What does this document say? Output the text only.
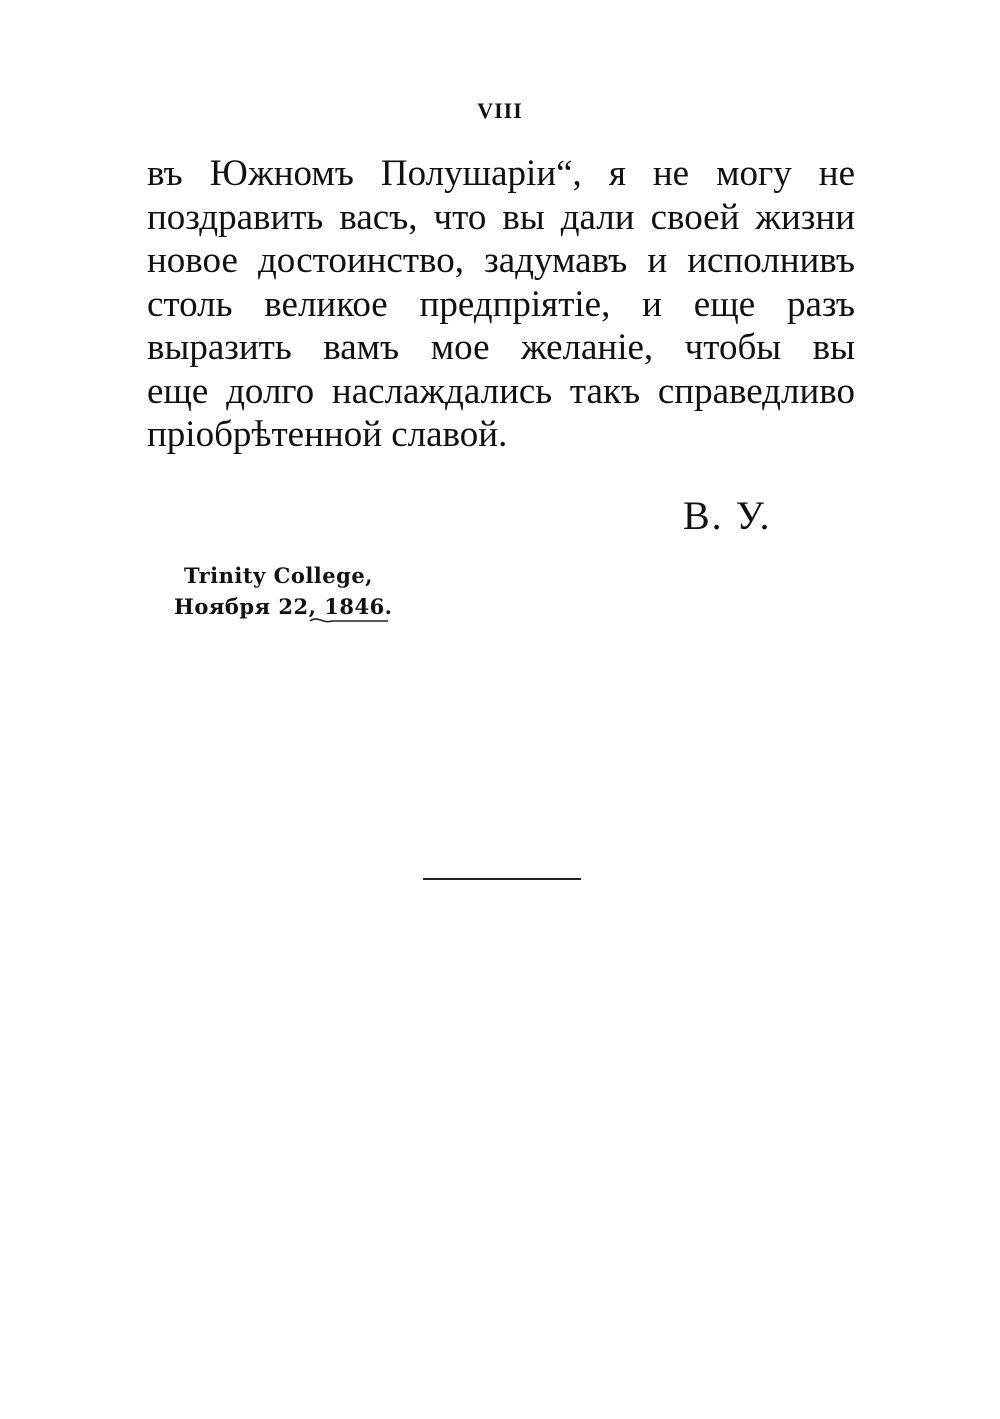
VIII
въ Южномъ Полушаріи“, я не могу не
поздравить васъ, что вы дали своей жизни
новое достоинство, задумавъ и исполнивъ
столь великое предпріятіе, и еще разъ
выразить вамъ мое желаніе, чтобы вы
еще долго наслаждались такъ справедливо
пріобрѣтенной славой.
В. У.
Trinity College,
Ноября 22, 1846.
